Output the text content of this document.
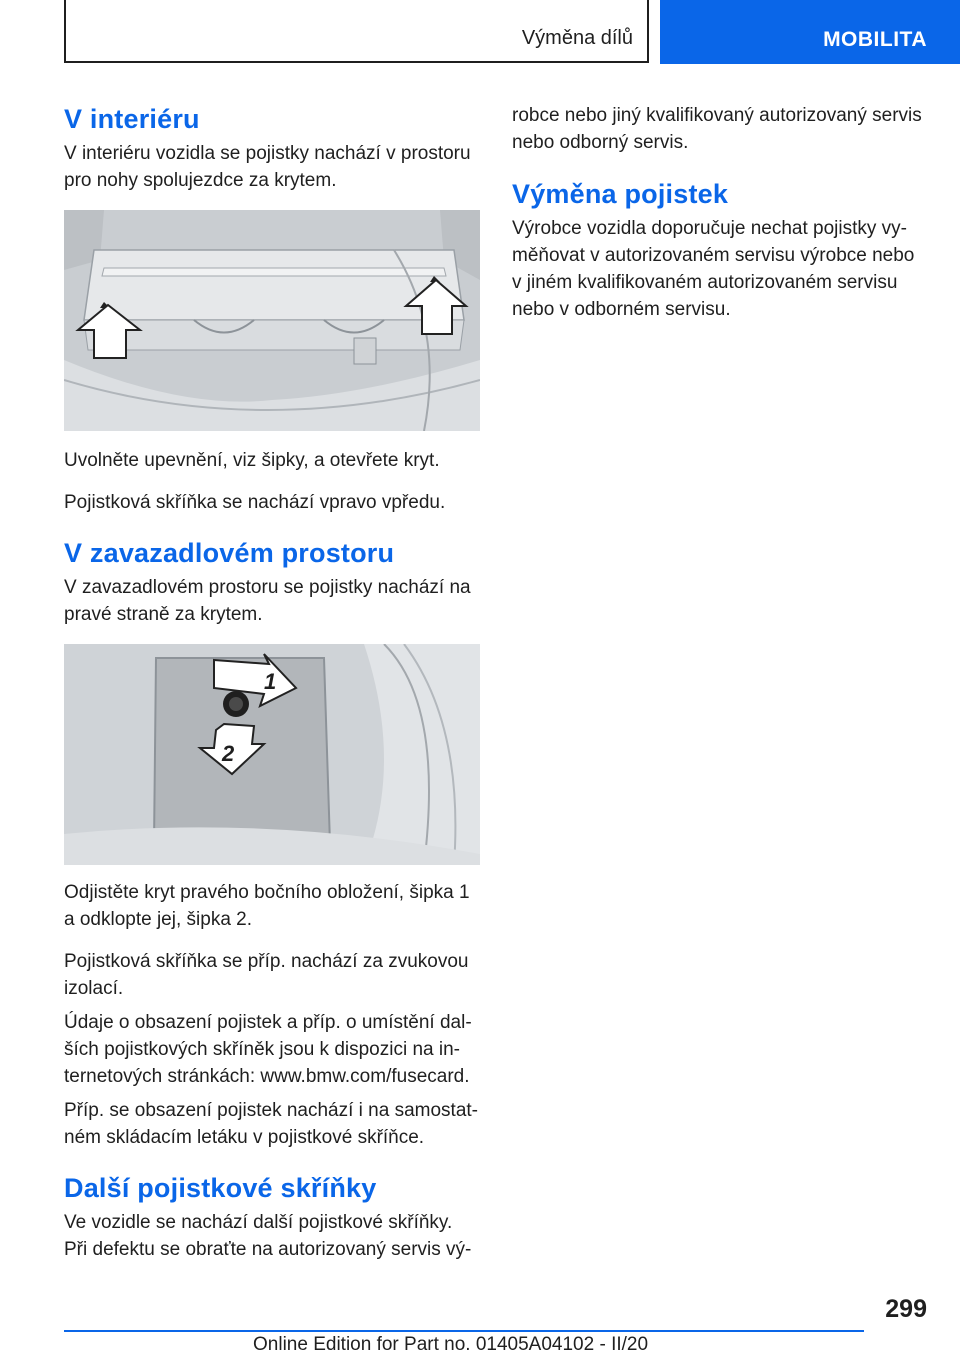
Výměna dílů	MOBILITA
V interiéru

V interiéru vozidla se pojistky nachází v prostoru pro nohy spolujezdce za krytem.

Uvolněte upevnění, viz šipky, a otevřete kryt.

Pojistková skříňka se nachází vpravo vpředu.

V zavazadlovém prostoru

V zavazadlovém prostoru se pojistky nachází na pravé straně za krytem.

1
2

Odjistěte kryt pravého bočního obložení, šipka 1 a odklopte jej, šipka 2.

Pojistková skříňka se příp. nachází za zvukovou izolací.

Údaje o obsazení pojistek a příp. o umístění dalších pojistkových skříněk jsou k dispozici na internetových stránkách: www.bmw.com/fusecard.

Příp. se obsazení pojistek nachází i na samostatném skládacím letáku v pojistkové skříňce.

Další pojistkové skříňky

Ve vozidle se nachází další pojistkové skříňky. Při defektu se obraťte na autorizovaný servis vý-

robce nebo jiný kvalifikovaný autorizovaný servis nebo odborný servis.

Výměna pojistek

Výrobce vozidla doporučuje nechat pojistky vyměňovat v autorizovaném servisu výrobce nebo v jiném kvalifikovaném autorizovaném servisu nebo v odborném servisu.

299
Online Edition for Part no. 01405A04102 - II/20
